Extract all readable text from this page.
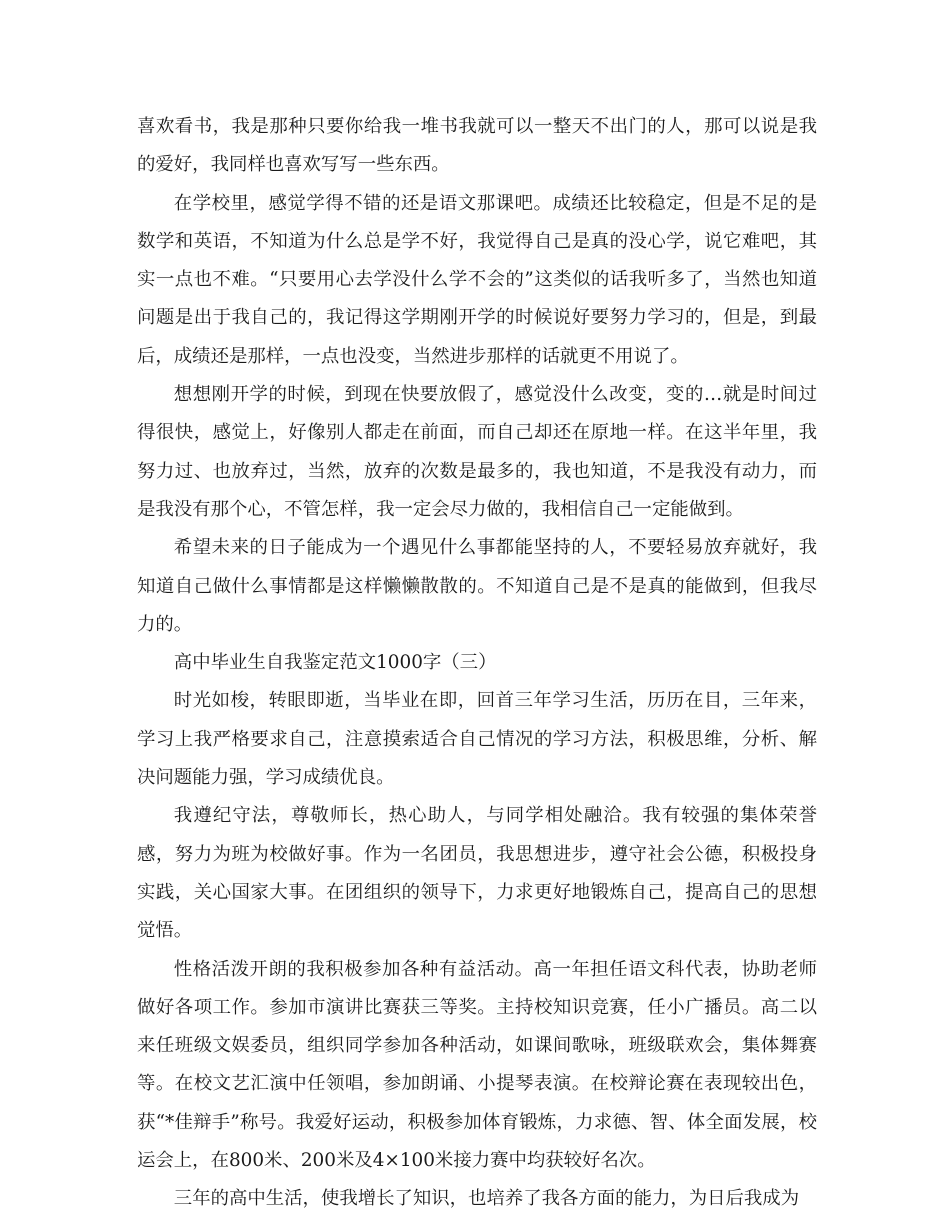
喜欢看书，我是那种只要你给我一堆书我就可以一整天不出门的人，那可以说是我的爱好，我同样也喜欢写写一些东西。

在学校里，感觉学得不错的还是语文那课吧。成绩还比较稳定，但是不足的是数学和英语，不知道为什么总是学不好，我觉得自己是真的没心学，说它难吧，其实一点也不难。“只要用心去学没什么学不会的”这类似的话我听多了，当然也知道问题是出于我自己的，我记得这学期刚开学的时候说好要努力学习的，但是，到最后，成绩还是那样，一点也没变，当然进步那样的话就更不用说了。

想想刚开学的时候，到现在快要放假了，感觉没什么改变，变的…就是时间过得很快，感觉上，好像别人都走在前面，而自己却还在原地一样。在这半年里，我努力过、也放弃过，当然，放弃的次数是最多的，我也知道，不是我没有动力，而是我没有那个心，不管怎样，我一定会尽力做的，我相信自己一定能做到。

希望未来的日子能成为一个遇见什么事都能坚持的人，不要轻易放弃就好，我知道自己做什么事情都是这样懒懒散散的。不知道自己是不是真的能做到，但我尽力的。

高中毕业生自我鉴定范文1000字（三）

时光如梭，转眼即逝，当毕业在即，回首三年学习生活，历历在目，三年来，学习上我严格要求自己，注意摸索适合自己情况的学习方法，积极思维，分析、解决问题能力强，学习成绩优良。

我遵纪守法，尊敬师长，热心助人，与同学相处融洽。我有较强的集体荣誉感，努力为班为校做好事。作为一名团员，我思想进步，遵守社会公德，积极投身实践，关心国家大事。在团组织的领导下，力求更好地锻炼自己，提高自己的思想觉悟。

性格活泼开朗的我积极参加各种有益活动。高一年担任语文科代表，协助老师做好各项工作。参加市演讲比赛获三等奖。主持校知识竞赛，任小广播员。高二以来任班级文娱委员，组织同学参加各种活动，如课间歌咏，班级联欢会，集体舞赛等。在校文艺汇演中任领唱，参加朗诵、小提琴表演。在校辩论赛在表现较出色，获“*佳辩手”称号。我爱好运动，积极参加体育锻炼，力求德、智、体全面发展，校运会上，在800米、200米及4×100米接力赛中均获较好名次。

三年的高中生活，使我增长了知识，也培养了我各方面的能力，为日后我成为
